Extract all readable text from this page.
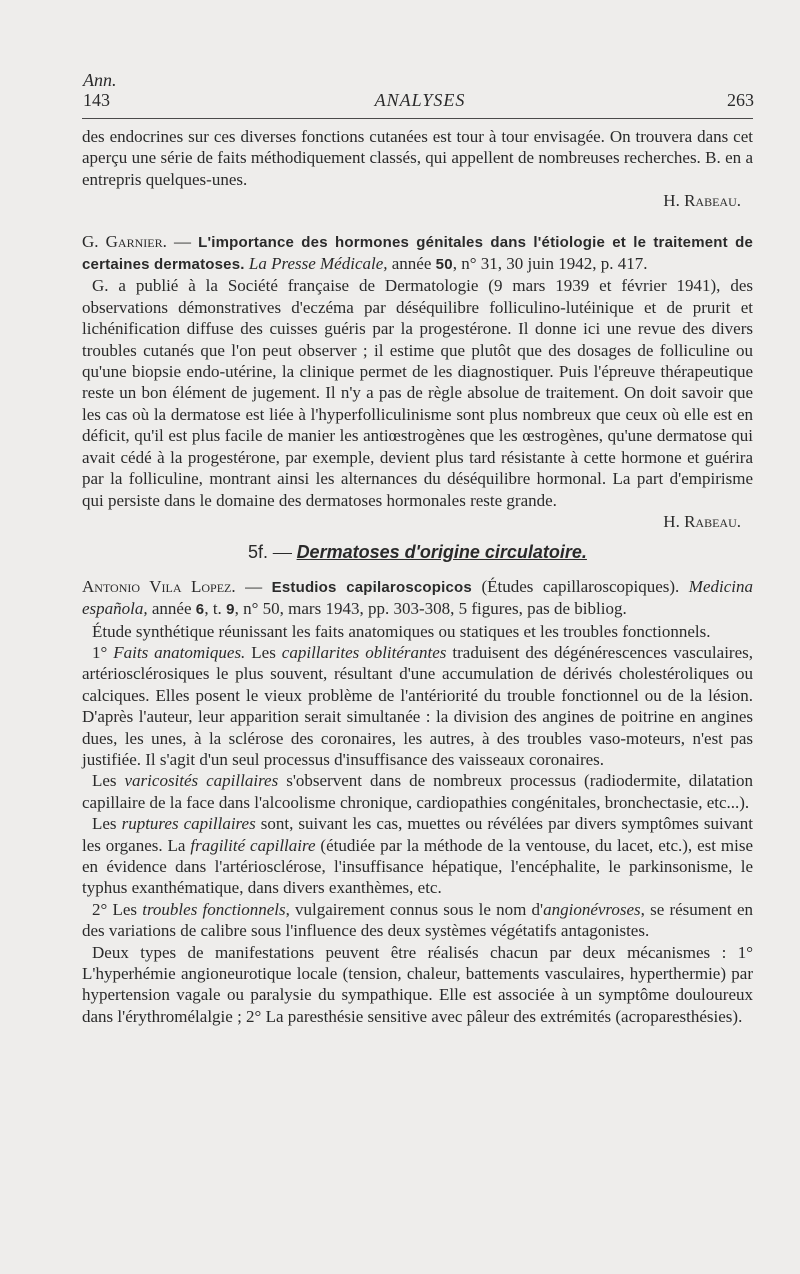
Ann.
143	ANALYSES	263

des endocrines sur ces diverses fonctions cutanées est tour à tour envisagée. On trouvera dans cet aperçu une série de faits méthodiquement classés, qui appellent de nombreuses recherches. B. en a entrepris quelques-unes.

H. Rabeau.

G. Garnier. — L'importance des hormones génitales dans l'étiologie et le traitement de certaines dermatoses. La Presse Médicale, année 50, n° 31, 30 juin 1942, p. 417.

G. a publié à la Société française de Dermatologie (9 mars 1939 et février 1941), des observations démonstratives d'eczéma par déséquilibre folliculino-lutéinique et de prurit et lichénification diffuse des cuisses guéris par la progestérone. Il donne ici une revue des divers troubles cutanés que l'on peut observer ; il estime que plutôt que des dosages de folliculine ou qu'une biopsie endo-utérine, la clinique permet de les diagnostiquer. Puis l'épreuve thérapeutique reste un bon élément de jugement. Il n'y a pas de règle absolue de traitement. On doit savoir que les cas où la dermatose est liée à l'hyperfolliculinisme sont plus nombreux que ceux où elle est en déficit, qu'il est plus facile de manier les antiœstrogènes que les œstrogènes, qu'une dermatose qui avait cédé à la progestérone, par exemple, devient plus tard résistante à cette hormone et guérira par la folliculine, montrant ainsi les alternances du déséquilibre hormonal. La part d'empirisme qui persiste dans le domaine des dermatoses hormonales reste grande.

H. Rabeau.

5f. — Dermatoses d'origine circulatoire.

Antonio Vila Lopez. — Estudios capilaroscopicos (Études capillaroscopiques). Medicina española, année 6, t. 9, n° 50, mars 1943, pp. 303-308, 5 figures, pas de bibliog.

Étude synthétique réunissant les faits anatomiques ou statiques et les troubles fonctionnels.

1° Faits anatomiques. Les capillarites oblitérantes traduisent des dégénérescences vasculaires, artériosclérosiques le plus souvent, résultant d'une accumulation de dérivés cholestéroliques ou calciques. Elles posent le vieux problème de l'antériorité du trouble fonctionnel ou de la lésion. D'après l'auteur, leur apparition serait simultanée : la division des angines de poitrine en angines dues, les unes, à la sclérose des coronaires, les autres, à des troubles vaso-moteurs, n'est pas justifiée. Il s'agit d'un seul processus d'insuffisance des vaisseaux coronaires.

Les varicosités capillaires s'observent dans de nombreux processus (radiodermite, dilatation capillaire de la face dans l'alcoolisme chronique, cardiopathies congénitales, bronchectasie, etc...).

Les ruptures capillaires sont, suivant les cas, muettes ou révélées par divers symptômes suivant les organes. La fragilité capillaire (étudiée par la méthode de la ventouse, du lacet, etc.), est mise en évidence dans l'artériosclérose, l'insuffisance hépatique, l'encéphalite, le parkinsonisme, le typhus exanthématique, dans divers exanthèmes, etc.

2° Les troubles fonctionnels, vulgairement connus sous le nom d'angionévroses, se résument en des variations de calibre sous l'influence des deux systèmes végétatifs antagonistes.

Deux types de manifestations peuvent être réalisés chacun par deux mécanismes : 1° L'hyperhémie angioneurotique locale (tension, chaleur, battements vasculaires, hyperthermie) par hypertension vagale ou paralysie du sympathique. Elle est associée à un symptôme douloureux dans l'érythromélalgie ; 2° La paresthésie sensitive avec pâleur des extrémités (acroparesthésies).
